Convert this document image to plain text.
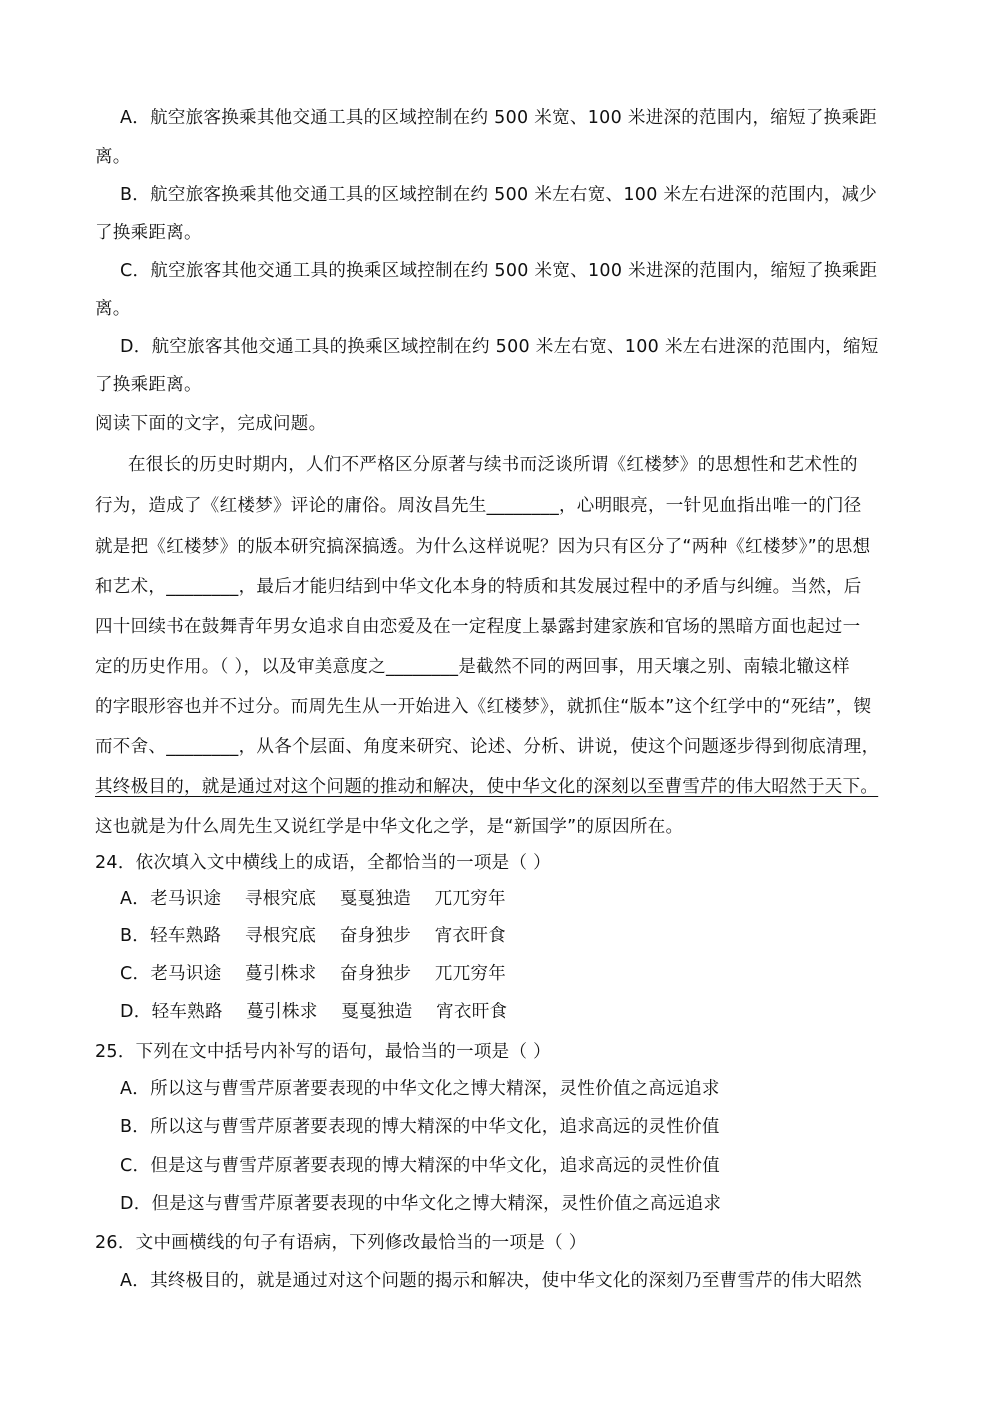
A．航空旅客换乘其他交通工具的区域控制在约 500 米宽、100 米进深的范围内，缩短了换乘距
离。
B．航空旅客换乘其他交通工具的区域控制在约 500 米左右宽、100 米左右进深的范围内，减少
了换乘距离。
C．航空旅客其他交通工具的换乘区域控制在约 500 米宽、100 米进深的范围内，缩短了换乘距
离。
D．航空旅客其他交通工具的换乘区域控制在约 500 米左右宽、100 米左右进深的范围内，缩短
了换乘距离。
阅读下面的文字，完成问题。
在很长的历史时期内，人们不严格区分原著与续书而泛谈所谓《红楼梦》的思想性和艺术性的
行为，造成了《红楼梦》评论的庸俗。周汝昌先生________，心明眼亮，一针见血指出唯一的门径
就是把《红楼梦》的版本研究搞深搞透。为什么这样说呢？因为只有区分了“两种《红楼梦》”的思想
和艺术，________，最后才能归结到中华文化本身的特质和其发展过程中的矛盾与纠缠。当然，后
四十回续书在鼓舞青年男女追求自由恋爱及在一定程度上暴露封建家族和官场的黑暗方面也起过一
定的历史作用。（ ），以及审美意度之________是截然不同的两回事，用天壤之别、南辕北辙这样
的字眼形容也并不过分。而周先生从一开始进入《红楼梦》，就抓住“版本”这个红学中的“死结”，锲
而不舍、________，从各个层面、角度来研究、论述、分析、讲说，使这个问题逐步得到彻底清理，
其终极目的，就是通过对这个问题的推动和解决，使中华文化的深刻以至曹雪芹的伟大昭然于天下。
这也就是为什么周先生又说红学是中华文化之学，是“新国学”的原因所在。
24．依次填入文中横线上的成语，全都恰当的一项是（ ）
A．老马识途　 寻根究底　 戛戛独造　 兀兀穷年
B．轻车熟路　 寻根究底　 奋身独步　 宵衣旰食
C．老马识途　 蔓引株求　 奋身独步　 兀兀穷年
D．轻车熟路　 蔓引株求　 戛戛独造　 宵衣旰食
25．下列在文中括号内补写的语句，最恰当的一项是（ ）
A．所以这与曹雪芹原著要表现的中华文化之博大精深，灵性价值之高远追求
B．所以这与曹雪芹原著要表现的博大精深的中华文化，追求高远的灵性价值
C．但是这与曹雪芹原著要表现的博大精深的中华文化，追求高远的灵性价值
D．但是这与曹雪芹原著要表现的中华文化之博大精深，灵性价值之高远追求
26．文中画横线的句子有语病，下列修改最恰当的一项是（ ）
A．其终极目的，就是通过对这个问题的揭示和解决，使中华文化的深刻乃至曹雪芹的伟大昭然
